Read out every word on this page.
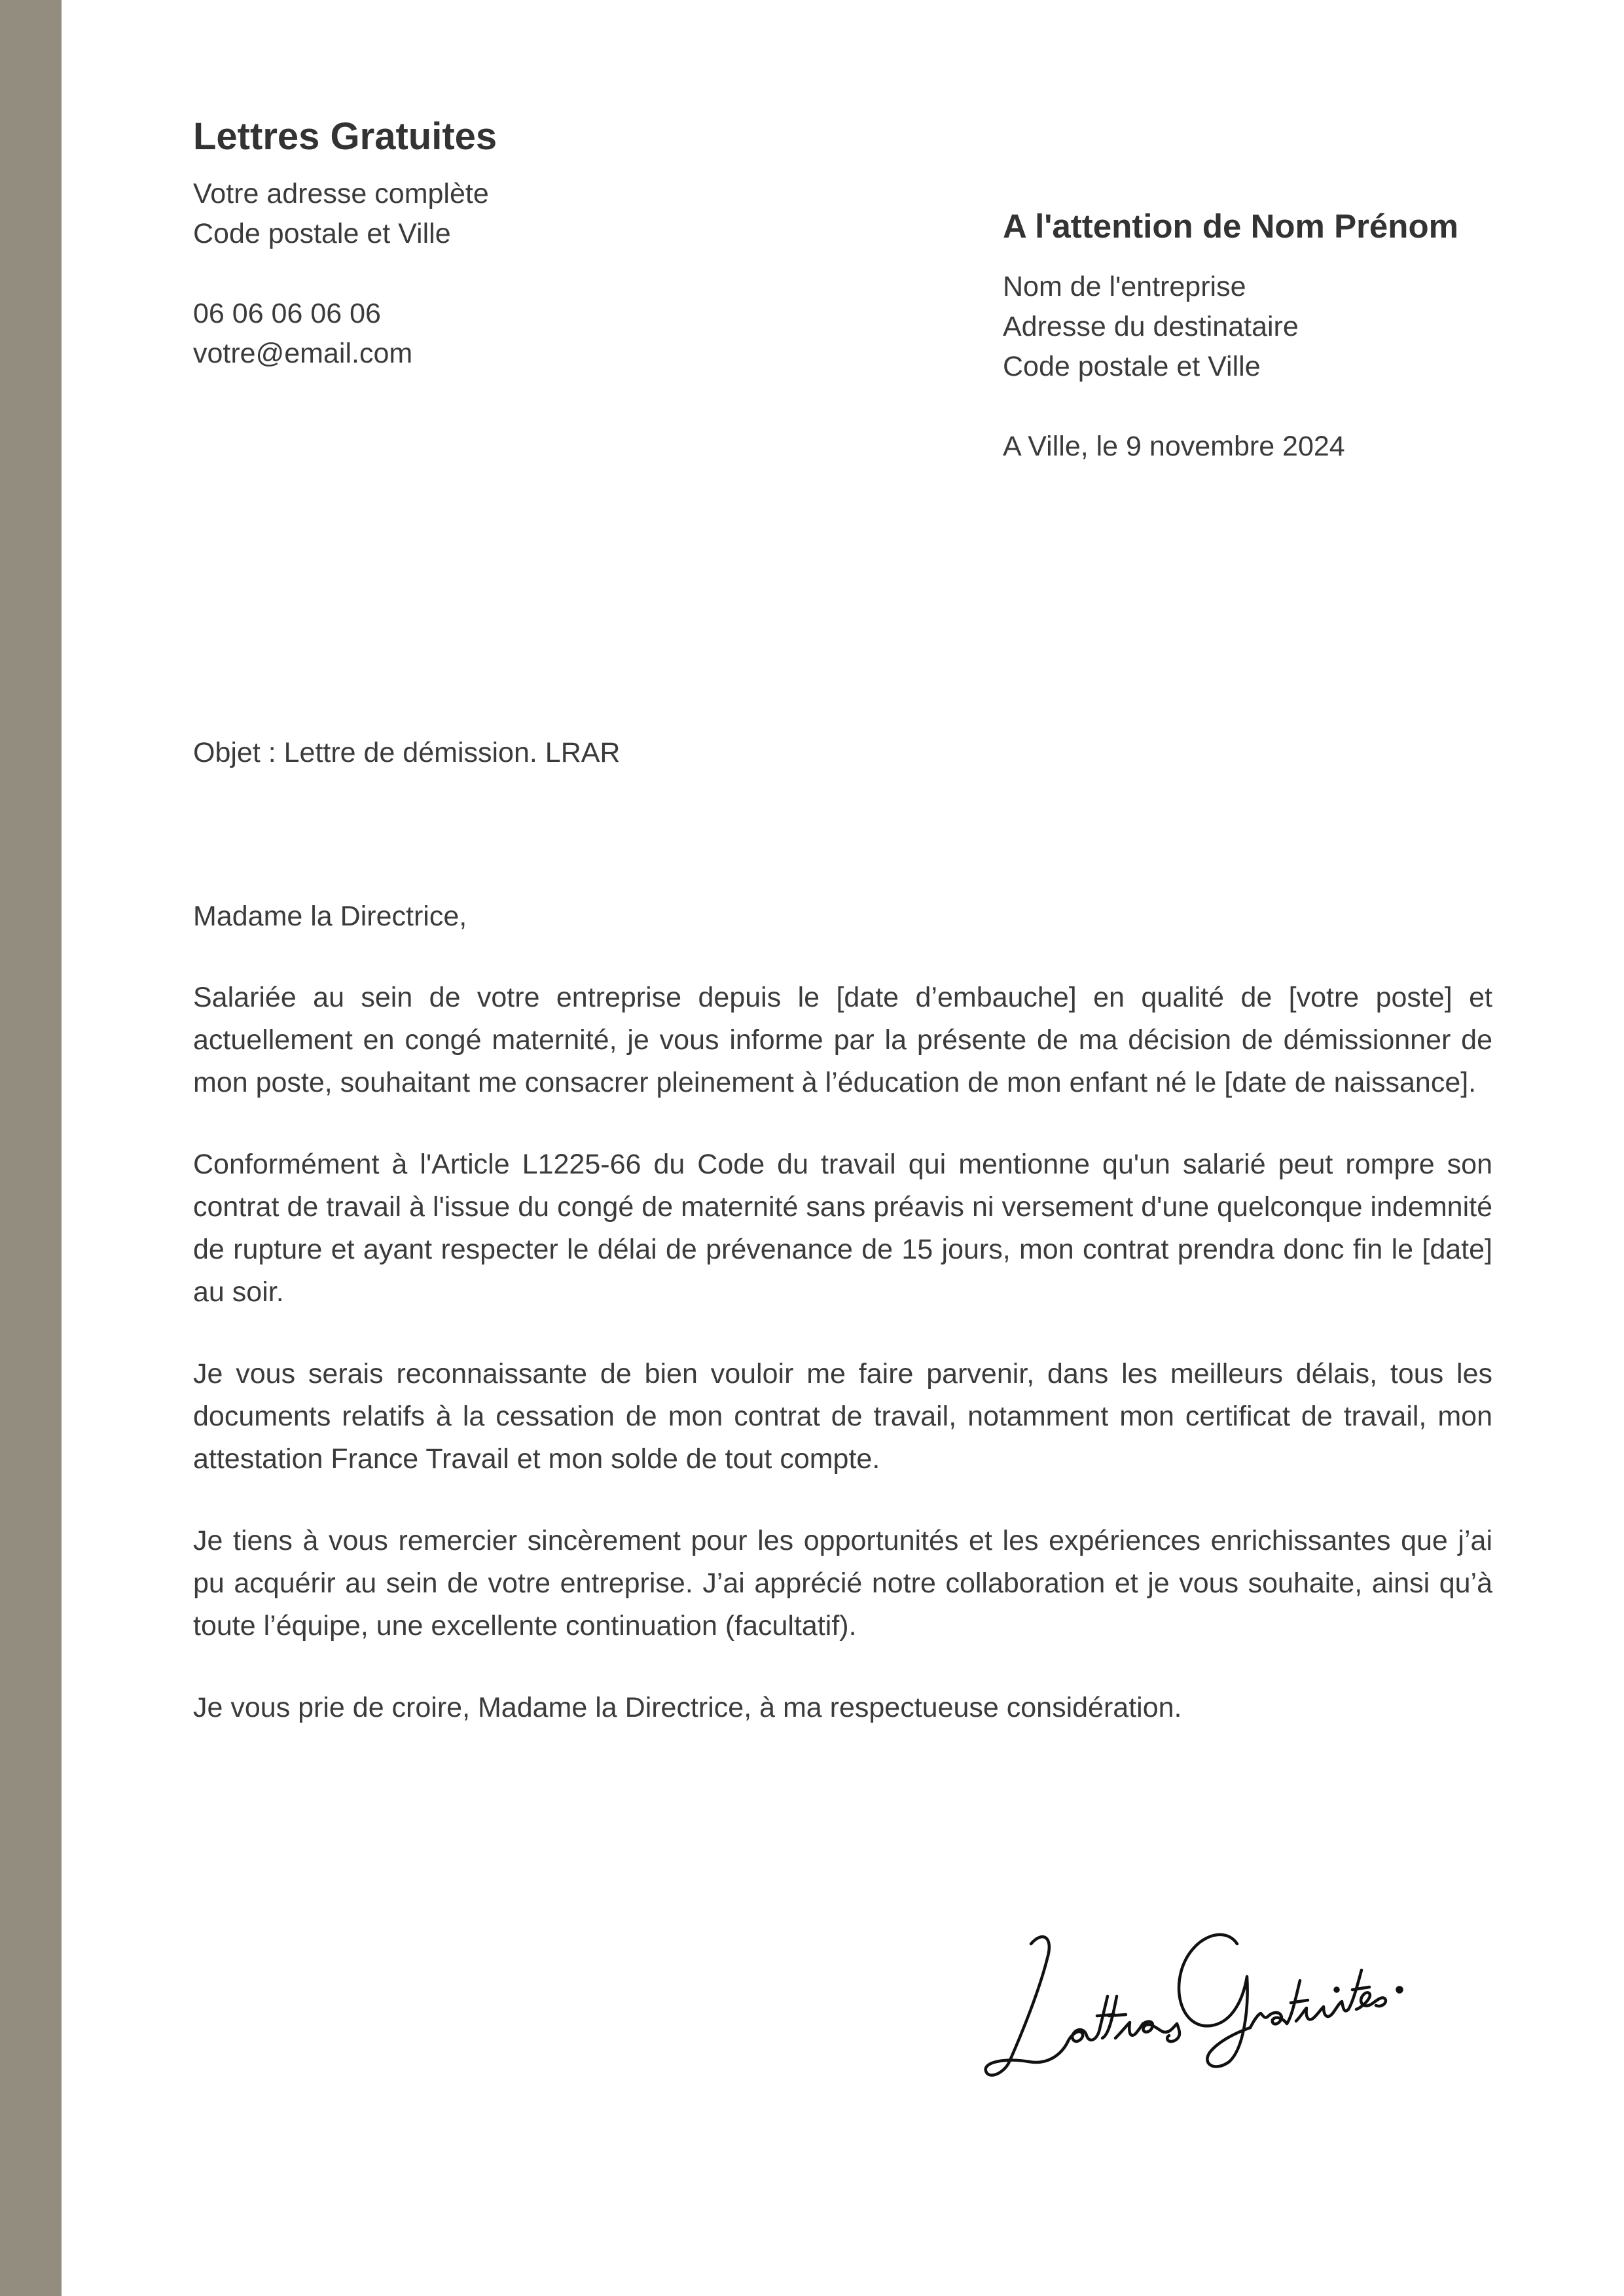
Lettres Gratuites
Votre adresse complète
Code postale et Ville
06 06 06 06 06
votre@email.com
A l'attention de Nom Prénom
Nom de l'entreprise
Adresse du destinataire
Code postale et Ville
A Ville, le 9 novembre 2024
Objet : Lettre de démission. LRAR
Madame la Directrice,

Salariée au sein de votre entreprise depuis le [date d’embauche] en qualité de [votre poste] et actuellement en congé maternité, je vous informe par la présente de ma décision de démissionner de mon poste, souhaitant me consacrer pleinement à l’éducation de mon enfant né le [date de naissance].

Conformément à l'Article L1225-66 du Code du travail qui mentionne qu'un salarié peut rompre son contrat de travail à l'issue du congé de maternité sans préavis ni versement d'une quelconque indemnité de rupture et ayant respecter le délai de prévenance de 15 jours, mon contrat prendra donc fin le [date] au soir.

Je vous serais reconnaissante de bien vouloir me faire parvenir, dans les meilleurs délais, tous les documents relatifs à la cessation de mon contrat de travail, notamment mon certificat de travail, mon attestation France Travail et mon solde de tout compte.

Je tiens à vous remercier sincèrement pour les opportunités et les expériences enrichissantes que j’ai pu acquérir au sein de votre entreprise. J’ai apprécié notre collaboration et je vous souhaite, ainsi qu’à toute l’équipe, une excellente continuation (facultatif).

Je vous prie de croire, Madame la Directrice, à ma respectueuse considération.
